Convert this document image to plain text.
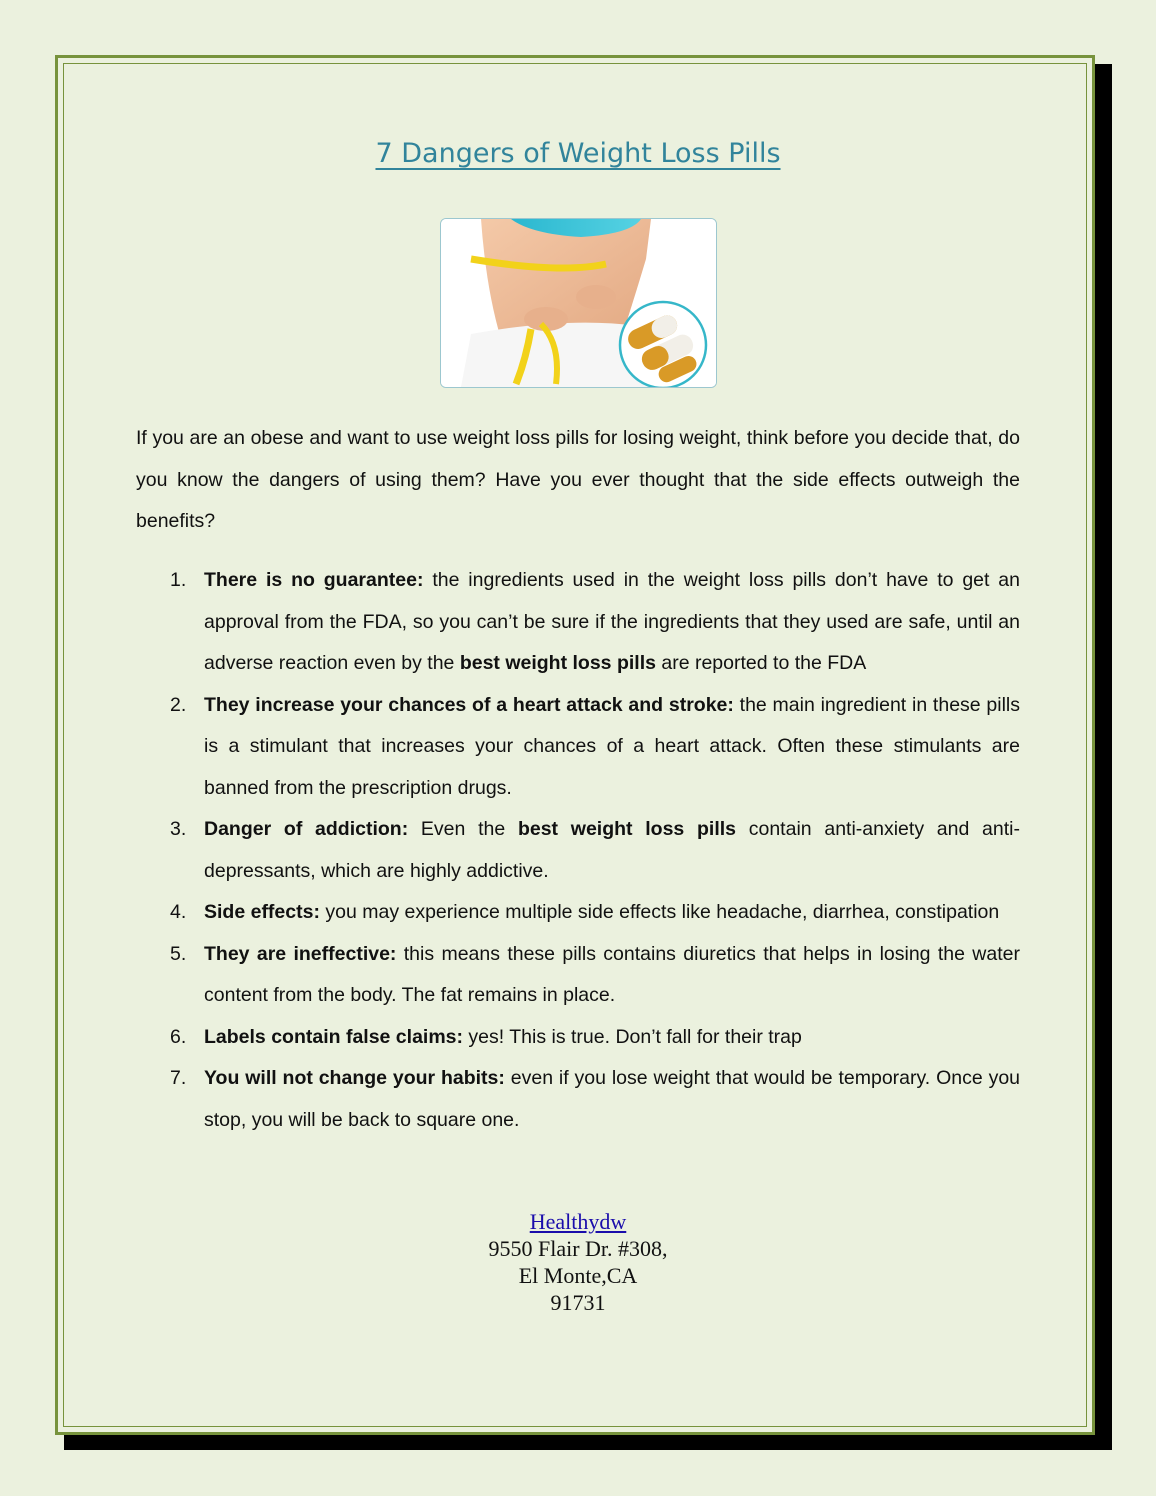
7 Dangers of Weight Loss Pills

If you are an obese and want to use weight loss pills for losing weight, think before you decide that, do you know the dangers of using them? Have you ever thought that the side effects outweigh the benefits?

1. There is no guarantee: the ingredients used in the weight loss pills don’t have to get an approval from the FDA, so you can’t be sure if the ingredients that they used are safe, until an adverse reaction even by the best weight loss pills are reported to the FDA
2. They increase your chances of a heart attack and stroke: the main ingredient in these pills is a stimulant that increases your chances of a heart attack. Often these stimulants are banned from the prescription drugs.
3. Danger of addiction: Even the best weight loss pills contain anti-anxiety and anti-depressants, which are highly addictive.
4. Side effects: you may experience multiple side effects like headache, diarrhea, constipation
5. They are ineffective: this means these pills contains diuretics that helps in losing the water content from the body. The fat remains in place.
6. Labels contain false claims: yes! This is true. Don’t fall for their trap
7. You will not change your habits: even if you lose weight that would be temporary. Once you stop, you will be back to square one.
Healthydw
9550 Flair Dr. #308,
El Monte,CA
91731
